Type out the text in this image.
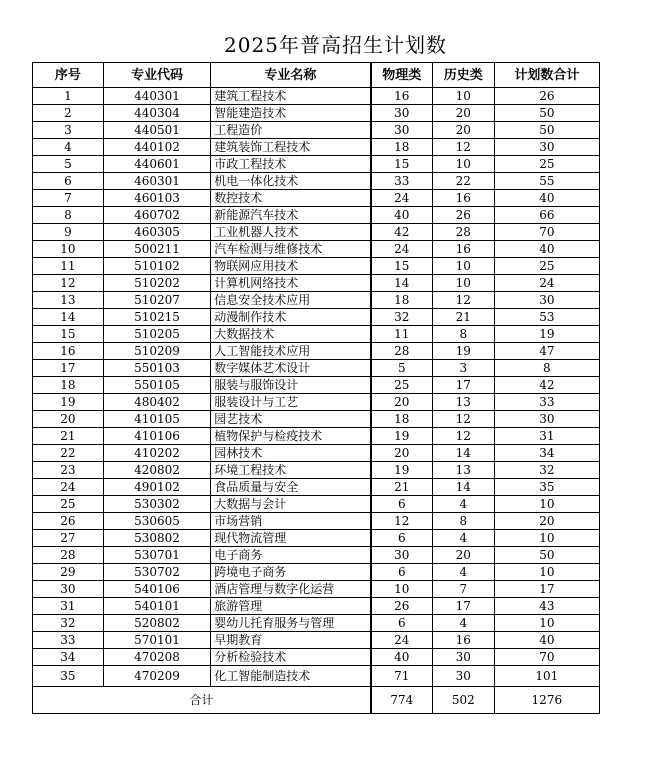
2025年普高招生计划数
序号	专业代码	专业名称	物理类	历史类	计划数合计
1	440301	建筑工程技术	16	10	26
2	440304	智能建造技术	30	20	50
3	440501	工程造价	30	20	50
4	440102	建筑装饰工程技术	18	12	30
5	440601	市政工程技术	15	10	25
6	460301	机电一体化技术	33	22	55
7	460103	数控技术	24	16	40
8	460702	新能源汽车技术	40	26	66
9	460305	工业机器人技术	42	28	70
10	500211	汽车检测与维修技术	24	16	40
11	510102	物联网应用技术	15	10	25
12	510202	计算机网络技术	14	10	24
13	510207	信息安全技术应用	18	12	30
14	510215	动漫制作技术	32	21	53
15	510205	大数据技术	11	8	19
16	510209	人工智能技术应用	28	19	47
17	550103	数字媒体艺术设计	5	3	8
18	550105	服装与服饰设计	25	17	42
19	480402	服装设计与工艺	20	13	33
20	410105	园艺技术	18	12	30
21	410106	植物保护与检疫技术	19	12	31
22	410202	园林技术	20	14	34
23	420802	环境工程技术	19	13	32
24	490102	食品质量与安全	21	14	35
25	530302	大数据与会计	6	4	10
26	530605	市场营销	12	8	20
27	530802	现代物流管理	6	4	10
28	530701	电子商务	30	20	50
29	530702	跨境电子商务	6	4	10
30	540106	酒店管理与数字化运营	10	7	17
31	540101	旅游管理	26	17	43
32	520802	婴幼儿托育服务与管理	6	4	10
33	570101	早期教育	24	16	40
34	470208	分析检验技术	40	30	70
35	470209	化工智能制造技术	71	30	101
合计			774	502	1276
